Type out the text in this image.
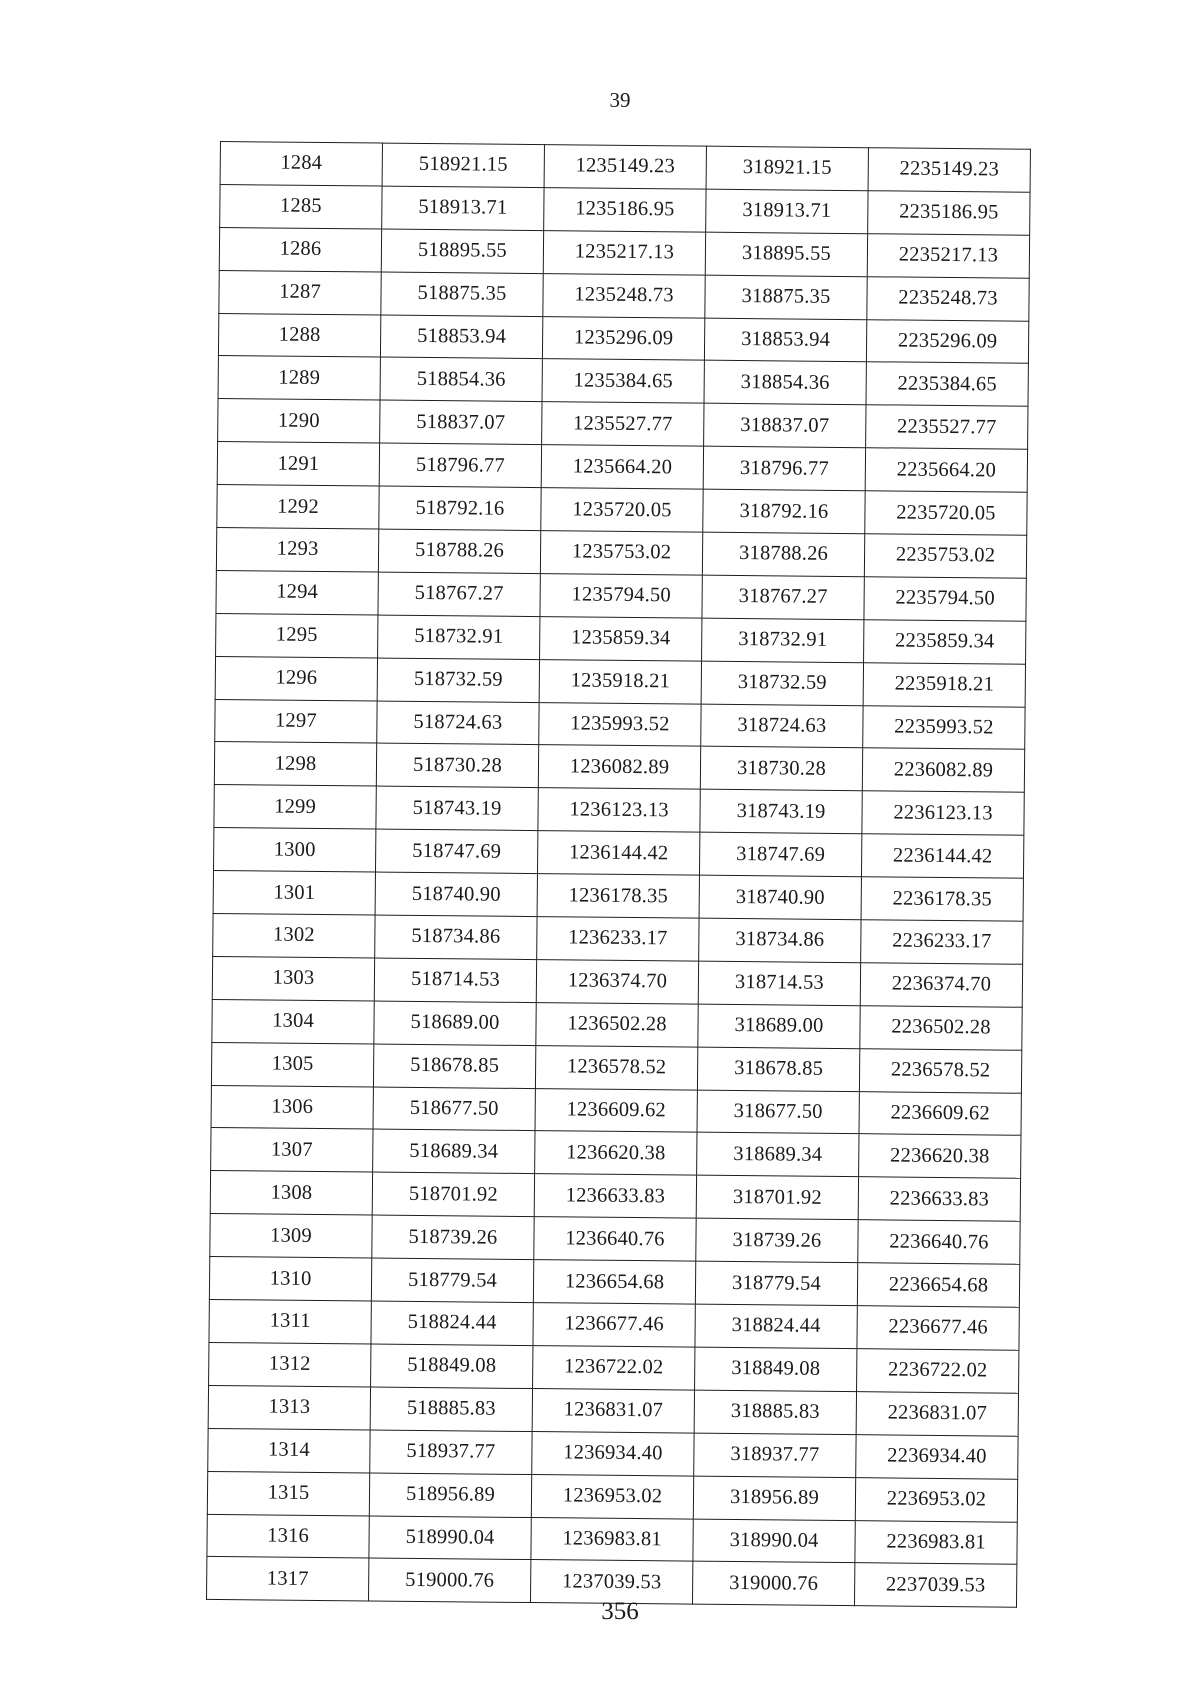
39
1284	518921.15	1235149.23	318921.15	2235149.23
1285	518913.71	1235186.95	318913.71	2235186.95
1286	518895.55	1235217.13	318895.55	2235217.13
1287	518875.35	1235248.73	318875.35	2235248.73
1288	518853.94	1235296.09	318853.94	2235296.09
1289	518854.36	1235384.65	318854.36	2235384.65
1290	518837.07	1235527.77	318837.07	2235527.77
1291	518796.77	1235664.20	318796.77	2235664.20
1292	518792.16	1235720.05	318792.16	2235720.05
1293	518788.26	1235753.02	318788.26	2235753.02
1294	518767.27	1235794.50	318767.27	2235794.50
1295	518732.91	1235859.34	318732.91	2235859.34
1296	518732.59	1235918.21	318732.59	2235918.21
1297	518724.63	1235993.52	318724.63	2235993.52
1298	518730.28	1236082.89	318730.28	2236082.89
1299	518743.19	1236123.13	318743.19	2236123.13
1300	518747.69	1236144.42	318747.69	2236144.42
1301	518740.90	1236178.35	318740.90	2236178.35
1302	518734.86	1236233.17	318734.86	2236233.17
1303	518714.53	1236374.70	318714.53	2236374.70
1304	518689.00	1236502.28	318689.00	2236502.28
1305	518678.85	1236578.52	318678.85	2236578.52
1306	518677.50	1236609.62	318677.50	2236609.62
1307	518689.34	1236620.38	318689.34	2236620.38
1308	518701.92	1236633.83	318701.92	2236633.83
1309	518739.26	1236640.76	318739.26	2236640.76
1310	518779.54	1236654.68	318779.54	2236654.68
1311	518824.44	1236677.46	318824.44	2236677.46
1312	518849.08	1236722.02	318849.08	2236722.02
1313	518885.83	1236831.07	318885.83	2236831.07
1314	518937.77	1236934.40	318937.77	2236934.40
1315	518956.89	1236953.02	318956.89	2236953.02
1316	518990.04	1236983.81	318990.04	2236983.81
1317	519000.76	1237039.53	319000.76	2237039.53
356
